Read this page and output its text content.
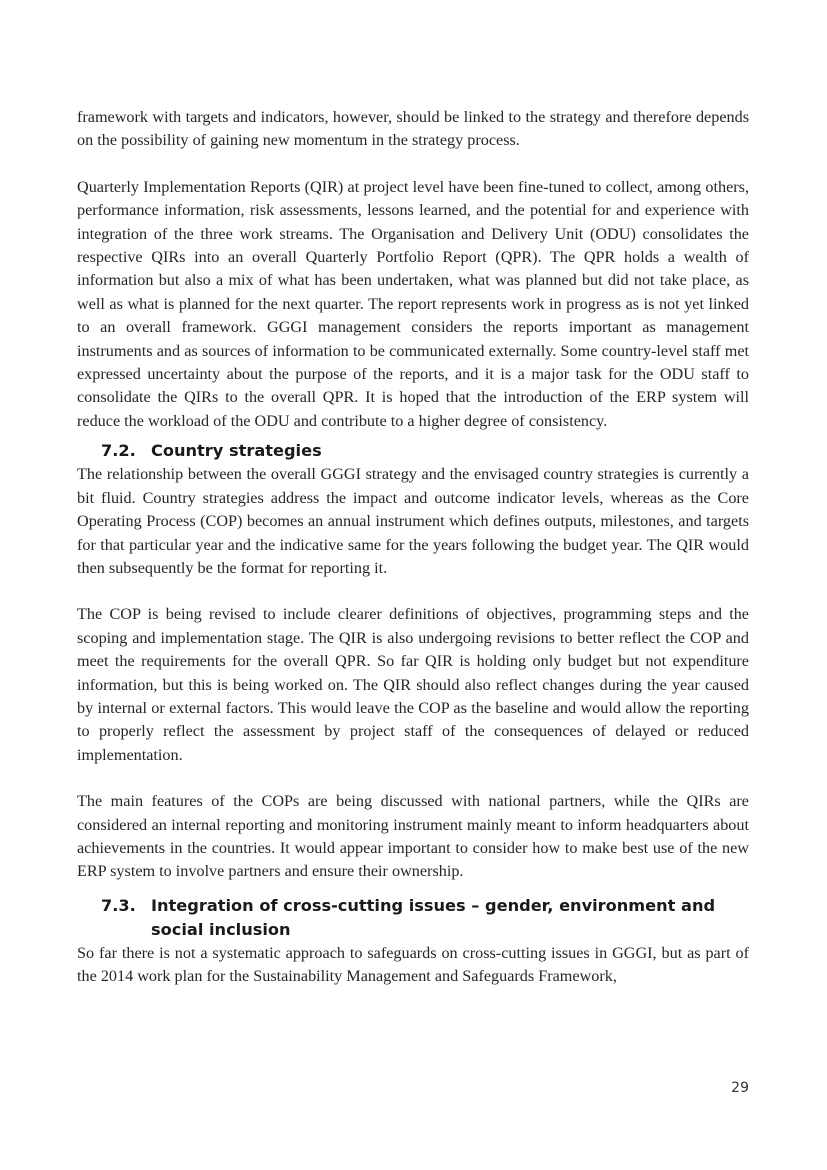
framework with targets and indicators, however, should be linked to the strategy and therefore depends on the possibility of gaining new momentum in the strategy process.

Quarterly Implementation Reports (QIR) at project level have been fine-tuned to collect, among others, performance information, risk assessments, lessons learned, and the potential for and experience with integration of the three work streams. The Organisation and Delivery Unit (ODU) consolidates the respective QIRs into an overall Quarterly Portfolio Report (QPR). The QPR holds a wealth of information but also a mix of what has been undertaken, what was planned but did not take place, as well as what is planned for the next quarter. The report represents work in progress as is not yet linked to an overall framework. GGGI management considers the reports important as management instruments and as sources of information to be communicated externally. Some country-level staff met expressed uncertainty about the purpose of the reports, and it is a major task for the ODU staff to consolidate the QIRs to the overall QPR. It is hoped that the introduction of the ERP system will reduce the workload of the ODU and contribute to a higher degree of consistency.

7.2. Country strategies

The relationship between the overall GGGI strategy and the envisaged country strategies is currently a bit fluid. Country strategies address the impact and outcome indicator levels, whereas as the Core Operating Process (COP) becomes an annual instrument which defines outputs, milestones, and targets for that particular year and the indicative same for the years following the budget year. The QIR would then subsequently be the format for reporting it.

The COP is being revised to include clearer definitions of objectives, programming steps and the scoping and implementation stage. The QIR is also undergoing revisions to better reflect the COP and meet the requirements for the overall QPR. So far QIR is holding only budget but not expenditure information, but this is being worked on. The QIR should also reflect changes during the year caused by internal or external factors. This would leave the COP as the baseline and would allow the reporting to properly reflect the assessment by project staff of the consequences of delayed or reduced implementation.

The main features of the COPs are being discussed with national partners, while the QIRs are considered an internal reporting and monitoring instrument mainly meant to inform headquarters about achievements in the countries. It would appear important to consider how to make best use of the new ERP system to involve partners and ensure their ownership.

7.3. Integration of cross-cutting issues – gender, environment and social inclusion

So far there is not a systematic approach to safeguards on cross-cutting issues in GGGI, but as part of the 2014 work plan for the Sustainability Management and Safeguards Framework,

29
